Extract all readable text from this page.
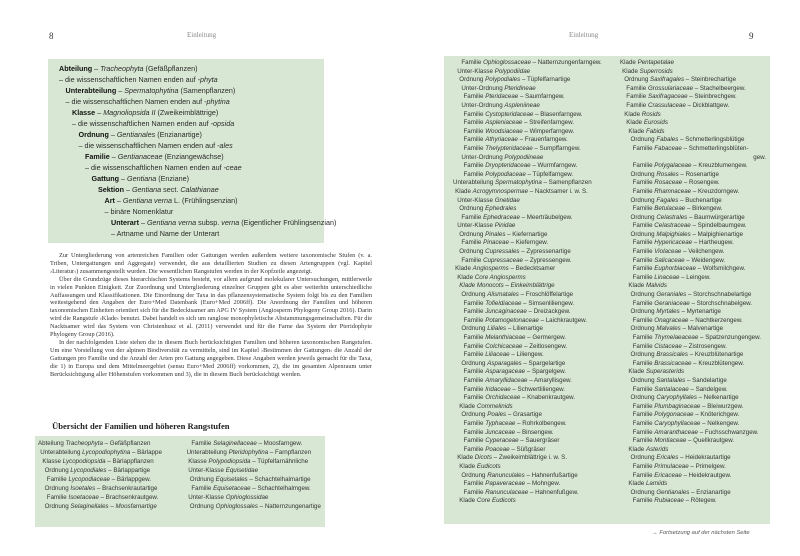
8	Einleitung
Abteilung – Tracheophyta (Gefäßpflanzen)
– die wissenschaftlichen Namen enden auf -phyta
Unterabteilung – Spermatophytina (Samenpflanzen)
– die wissenschaftlichen Namen enden auf -phytina
Klasse – Magnoliopsida II (Zweikeimblättrige)
– die wissenschaftlichen Namen enden auf -opsida
Ordnung – Gentianales (Enzianartige)
– die wissenschaftlichen Namen enden auf -ales
Familie – Gentianaceae (Enziangewächse)
– die wissenschaftlichen Namen enden auf -ceae
Gattung – Gentiana (Enziane)
Sektion – Gentiana sect. Calathianae
Art – Gentiana verna L. (Frühlingsenzian)
– binäre Nomenklatur
Unterart – Gentiana verna subsp. verna (Eigentlicher Frühlingsenzian)
– Artname und Name der Unterart

Zur Untergliederung von artenreichen Familien oder Gattungen werden außerdem weitere taxonomische Stufen (v. a. Triben, Untergattungen und Aggregate) verwendet, die aus detaillierten Studien zu diesen Artengruppen (vgl. Kapitel ›Literatur‹) zusammengestellt wurden. Die wesentlichen Rangstufen werden in der Kopfzeile angezeigt.

Über die Grundzüge dieses hierarchischen Systems besteht, vor allem aufgrund molekularer Untersuchungen, mittlerweile in vielen Punkten Einigkeit. Zur Zuordnung und Untergliederung einzelner Gruppen gibt es aber weiterhin unterschiedliche Auffassungen und Klassifikationen. Die Einordnung der Taxa in das pflanzensystematische System folgt bis zu den Familien weitestgehend den Angaben der Euro+Med Datenbank (Euro+Med 2006ff). Die Anordnung der Familien und höheren taxonomischen Einheiten orientiert sich für die Bedecktsamer am APG IV System (Angiosperm Phylogeny Group 2016). Darin wird die Rangstufe ›Klade‹ benutzt. Dabei handelt es sich um ranglose monophyletische Abstammungsgemeinschaften. Für die Nacktsamer wird das System von Christenhusz et al. (2011) verwendet und für die Farne das System der Pteridophyte Phylogeny Group (2016).

In der nachfolgenden Liste stehen die in diesem Buch berücksichtigten Familien und höheren taxonomischen Rangstufen. Um eine Vorstellung von der alpinen Biodiversität zu vermitteln, sind im Kapitel ›Bestimmen der Gattungen‹ die Anzahl der Gattungen pro Familie und die Anzahl der Arten pro Gattung angegeben. Diese Angaben werden jeweils gemacht für die Taxa, die 1) in Europa und dem Mittelmeergebiet (sensu Euro+Med 2006ff) vorkommen, 2), die im gesamten Alpenraum unter Berücksichtigung aller Höhenstufen vorkommen und 3), die in diesem Buch berücksichtigt werden.

Übersicht der Familien und höheren Rangstufen
Abteilung Tracheophyta – Gefäßpflanzen
Unterabteilung Lycopodiophytina – Bärlappe
Klasse Lycopodiopsida – Bärlappflanzen
Ordnung Lycopodiales – Bärlappartige
Familie Lycopodiaceae – Bärlappgew.
Ordnung Isoetales – Brachsenkrautartige
Familie Isoetaceae – Brachsenkrautgew.
Ordnung Selaginellales – Moosfarnartige
Familie Selaginellaceae – Moosfarngew.
Unterabteilung Pteridophytina – Farnpflanzen
Klasse Polypodiopsida – Tüpfelfarnähnliche
Unter-Klasse Equisetidae
Ordnung Equisetales – Schachtelhalmartige
Familie Equisetaceae – Schachtelhalmgew.
Unter-Klasse Ophioglossidae
Ordnung Ophioglossales – Natternzungenartige
Einleitung	9
Familie Ophioglossaceae – Natternzungenfarngew.
Unter-Klasse Polypodiidae
Ordnung Polypodiales – Tüpfelfarnartige
Unter-Ordnung Pteridineae
Familie Pteridaceae – Saumfarngew.
Unter-Ordnung Aspleniineae
Familie Cystopteridaceae – Blasenfarngew.
Familie Aspleniaceae – Streifenfarngew.
Familie Woodsiaceae – Wimperfarngew.
Familie Athyriaceae – Frauenfarngew.
Familie Thelypteridaceae – Sumpffarngew.
Unter-Ordnung Polypodiineae
Familie Dryopteridaceae – Wurmfarngew.
Familie Polypodiaceae – Tüpfelfarngew.
Unterabteilung Spermatophytina – Samenpflanzen
Klade Acrogymnospermae – Nacktsamer i. w. S.
Unter-Klasse Gnetidae
Ordnung Ephedrales
Familie Ephedraceae – Meerträubelgew.
Unter-Klasse Pinidae
Ordnung Pinales – Kiefernartige
Familie Pinaceae – Kieferngew.
Ordnung Cupressales – Zypressenartige
Familie Cupressaceae – Zypressengew.
Klade Angiosperms – Bedecktsamer
Klade Core Angiosperms
Klade Monocots – Einkeimblättrige
Ordnung Alismatales – Froschlöffelartige
Familie Tofieldiaceae – Simsenliliengew.
Familie Juncaginaceae – Dreizackgew.
Familie Potamogetonaceae – Laichkrautgew.
Ordnung Liliales – Lilienartige
Familie Melanthiaceae – Germergew.
Familie Colchicaceae – Zeitlosengew.
Familie Liliaceae – Liliengew.
Ordnung Asparagales – Spargelartige
Familie Asparagaceae – Spargelgew.
Familie Amaryllidaceae – Amaryllisgew.
Familie Iridaceae – Schwertliliengew.
Familie Orchidaceae – Knabenkrautgew.
Klade Commelinids
Ordnung Poales – Grasartige
Familie Typhaceae – Rohrkolbengew.
Familie Juncaceae – Binsengew.
Familie Cyperaceae – Sauergräser
Familie Poaceae – Süßgräser
Klade Dicots – Zweikeimblättrige i. w. S.
Klade Eudicots
Ordnung Ranunculales – Hahnenfußartige
Familie Papaveraceae – Mohngew.
Familie Ranunculaceae – Hahnenfußgew.
Klade Core Eudicots
Klade Pentapetalae
Klade Superrosids
Ordnung Saxifragales – Steinbrechartige
Familie Grossulariaceae – Stachelbeergew.
Familie Saxifragaceae – Steinbrechgew.
Familie Crassulaceae – Dickblattgew.
Klade Rosids
Klade Eurosids
Klade Fabids
Ordnung Fabales – Schmetterlingsblütige
Familie Fabaceae – Schmetterlingsblüten-
gew.
Familie Polygalaceae – Kreuzblumengew.
Ordnung Rosales – Rosenartige
Familie Rosaceae – Rosengew.
Familie Rhamnaceae – Kreuzdorngew.
Ordnung Fagales – Buchenartige
Familie Betulaceae – Birkengew.
Ordnung Celastrales – Baumwürgerartige
Familie Celastraceae – Spindelbaumgew.
Ordnung Malpighiales – Malpighienartige
Familie Hypericaceae – Hartheugew.
Familie Violaceae – Veilchengew.
Familie Salicaceae – Weidengew.
Familie Euphorbiaceae – Wolfsmilchgew.
Familie Linaceae – Leingew.
Klade Malvids
Ordnung Geraniales – Storchschnabelartige
Familie Geraniaceae – Storchschnabelgew.
Ordnung Myrtales – Myrtenartige
Familie Onagraceae – Nachtkerzengew.
Ordnung Malvales – Malvenartige
Familie Thymelaeaceae – Spatzenzungengew.
Familie Cistaceae – Zistrosengew.
Ordnung Brassicales – Kreuzblütenartige
Familie Brassicaceae – Kreuzblütengew.
Klade Superasterids
Ordnung Santalales – Sandelartige
Familie Santalaceae – Sandelgew.
Ordnung Caryophyllales – Nelkenartige
Familie Plumbaginaceae – Bleiwurzgew.
Familie Polygonaceae – Knöterichgew.
Familie Caryophyllaceae – Nelkengew.
Familie Amaranthaceae – Fuchsschwanzgew.
Familie Montiaceae – Quellkrautgew.
Klade Asterids
Ordnung Ericales – Heidekrautartige
Familie Primulaceae – Primelgew.
Familie Ericaceae – Heidekrautgew.
Klade Lamiids
Ordnung Gentianales – Enzianartige
Familie Rubiaceae – Rötegew.
→ Fortsetzung auf der nächsten Seite
